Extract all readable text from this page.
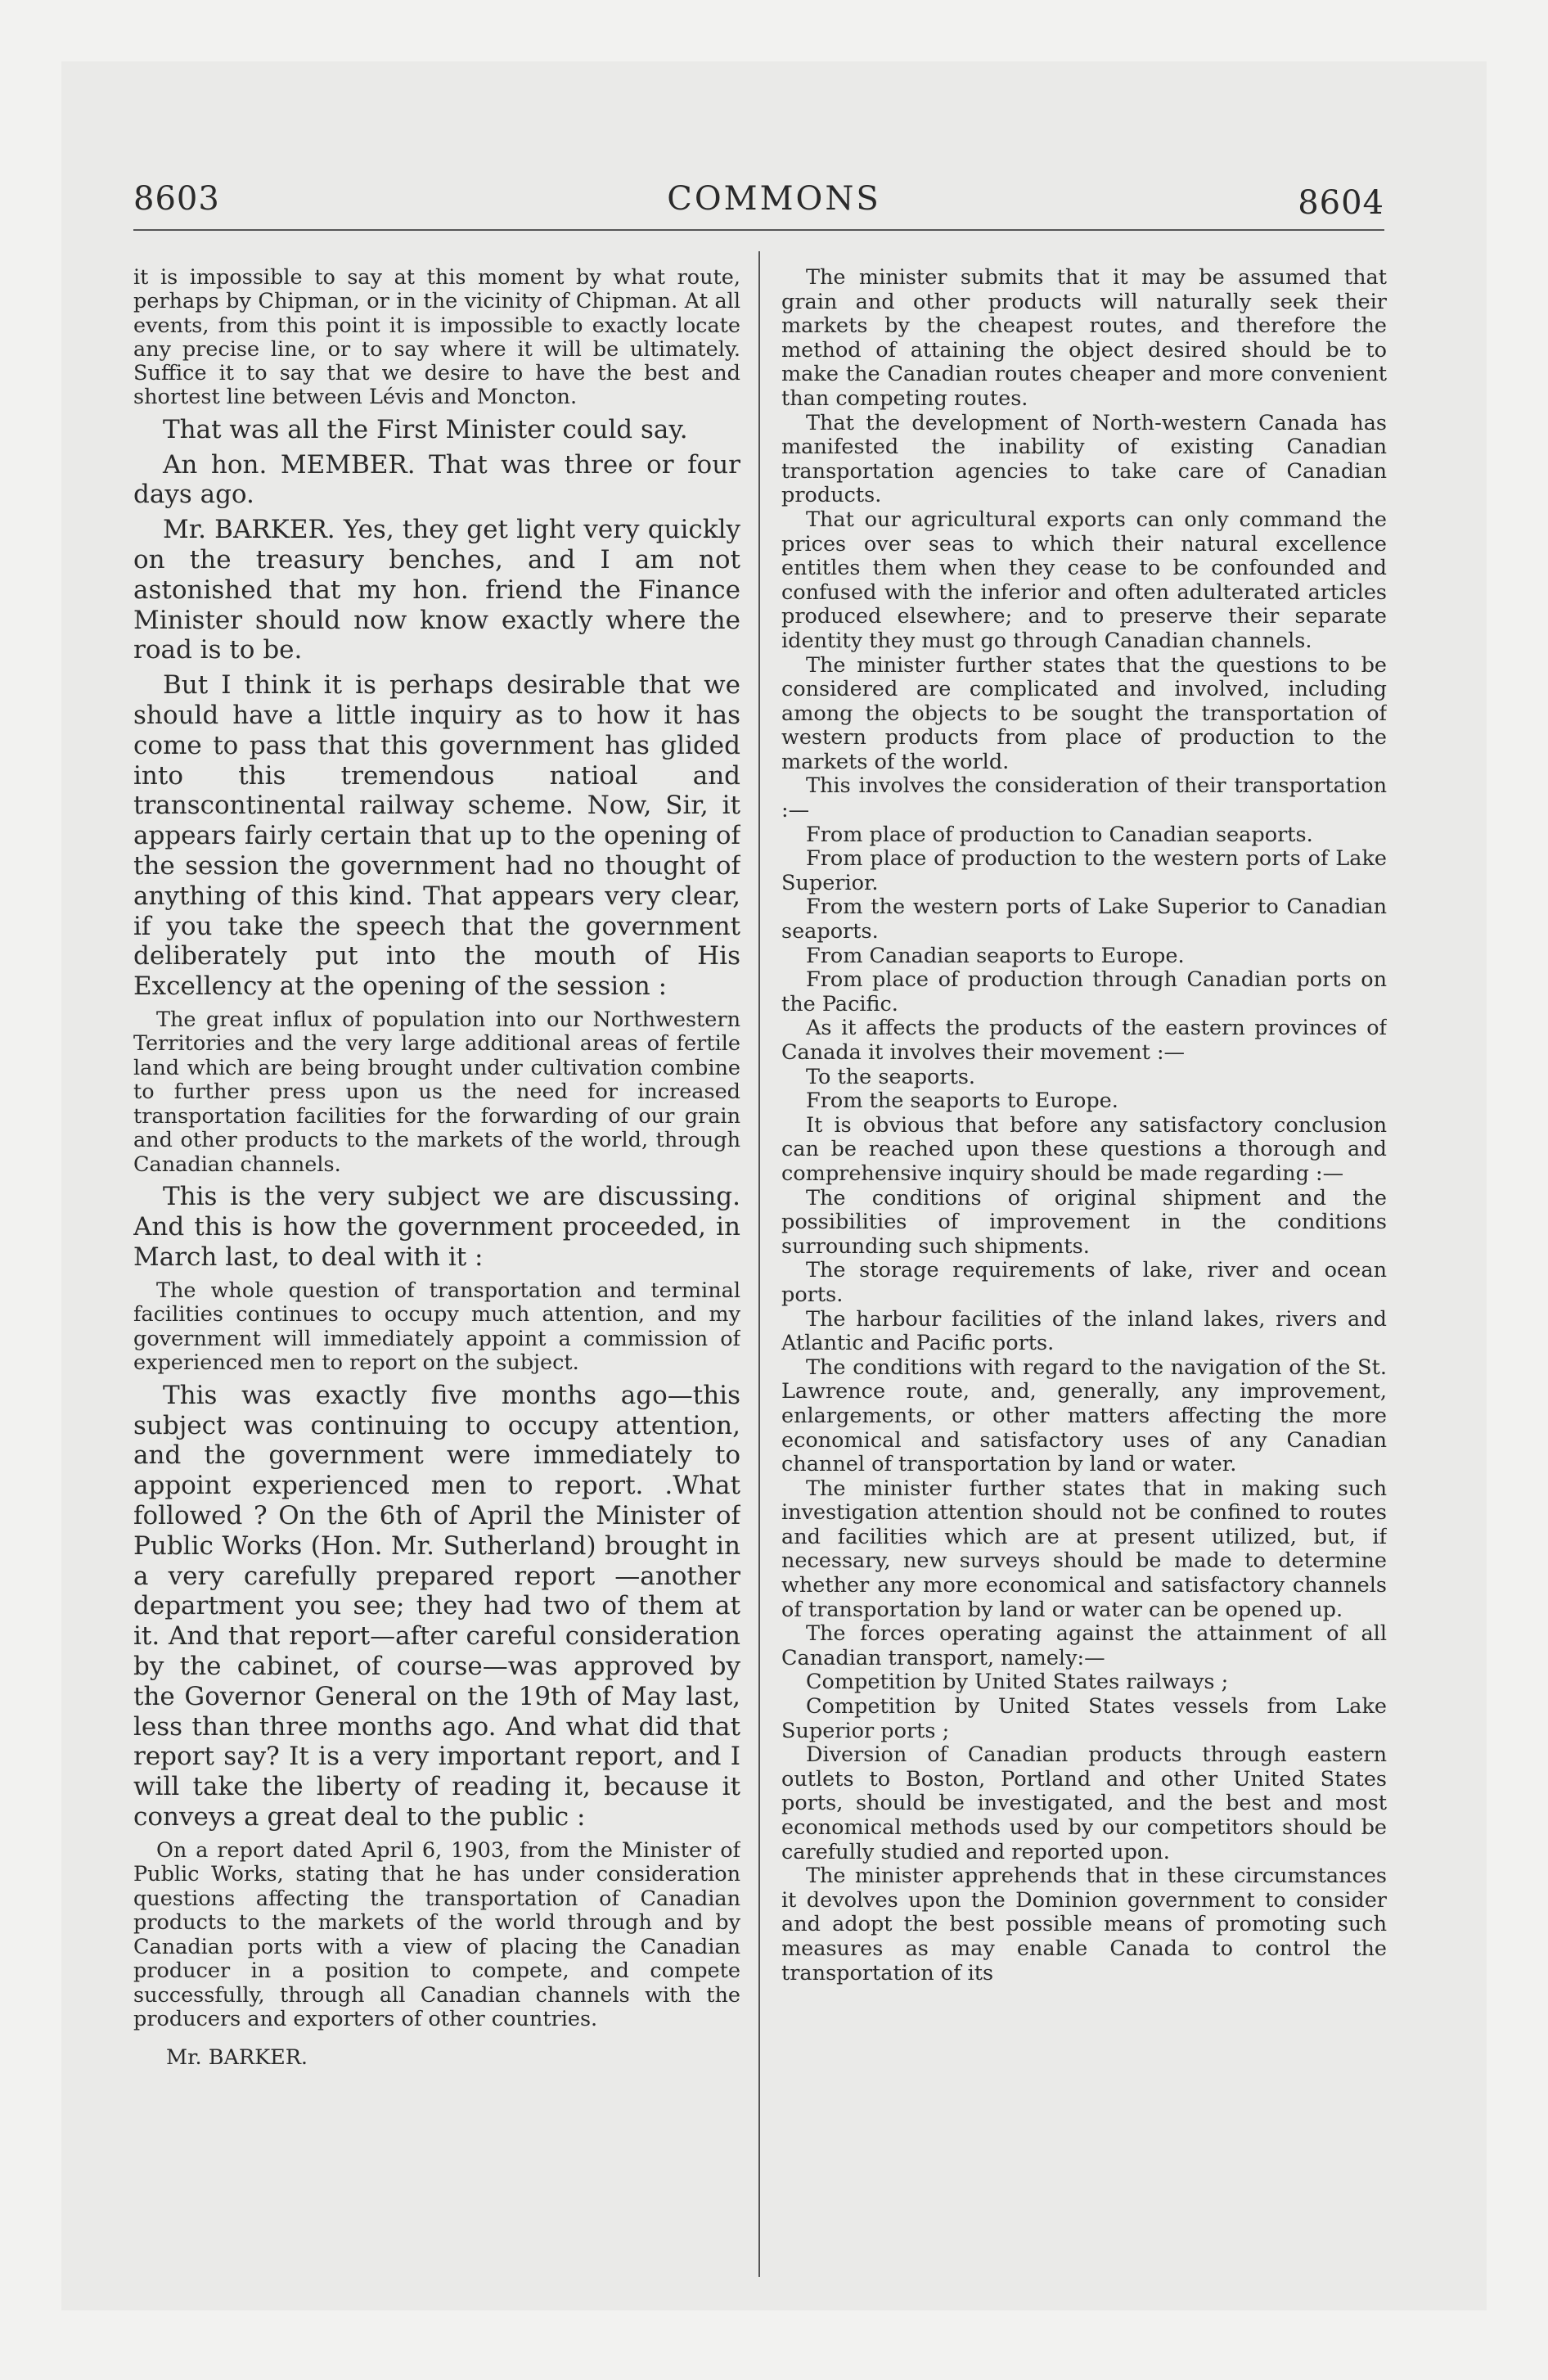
8603	COMMONS	8604

it is impossible to say at this moment by what route, perhaps by Chipman, or in the vicinity of Chipman. At all events, from this point it is impossible to exactly locate any precise line, or to say where it will be ultimately. Suffice it to say that we desire to have the best and shortest line between Lévis and Moncton.

That was all the First Minister could say.

An hon. MEMBER. That was three or four days ago.

Mr. BARKER. Yes, they get light very quickly on the treasury benches, and I am not astonished that my hon. friend the Finance Minister should now know exactly where the road is to be.

But I think it is perhaps desirable that we should have a little inquiry as to how it has come to pass that this government has glided into this tremendous natioal and transcontinental railway scheme. Now, Sir, it appears fairly certain that up to the opening of the session the government had no thought of anything of this kind. That appears very clear, if you take the speech that the government deliberately put into the mouth of His Excellency at the opening of the session :

The great influx of population into our Northwestern Territories and the very large additional areas of fertile land which are being brought under cultivation combine to further press upon us the need for increased transportation facilities for the forwarding of our grain and other products to the markets of the world, through Canadian channels.

This is the very subject we are discussing. And this is how the government proceeded, in March last, to deal with it :

The whole question of transportation and terminal facilities continues to occupy much attention, and my government will immediately appoint a commission of experienced men to report on the subject.

This was exactly five months ago—this subject was continuing to occupy attention, and the government were immediately to appoint experienced men to report. .What followed ? On the 6th of April the Minister of Public Works (Hon. Mr. Sutherland) brought in a very carefully prepared report —another department you see; they had two of them at it. And that report—after careful consideration by the cabinet, of course—was approved by the Governor General on the 19th of May last, less than three months ago. And what did that report say? It is a very important report, and I will take the liberty of reading it, because it conveys a great deal to the public :

On a report dated April 6, 1903, from the Minister of Public Works, stating that he has under consideration questions affecting the transportation of Canadian products to the markets of the world through and by Canadian ports with a view of placing the Canadian producer in a position to compete, and compete successfully, through all Canadian channels with the producers and exporters of other countries.

Mr. BARKER.

The minister submits that it may be assumed that grain and other products will naturally seek their markets by the cheapest routes, and therefore the method of attaining the object desired should be to make the Canadian routes cheaper and more convenient than competing routes.

That the development of North-western Canada has manifested the inability of existing Canadian transportation agencies to take care of Canadian products.

That our agricultural exports can only command the prices over seas to which their natural excellence entitles them when they cease to be confounded and confused with the inferior and often adulterated articles produced elsewhere; and to preserve their separate identity they must go through Canadian channels.

The minister further states that the questions to be considered are complicated and involved, including among the objects to be sought the transportation of western products from place of production to the markets of the world.

This involves the consideration of their transportation :—

From place of production to Canadian seaports.

From place of production to the western ports of Lake Superior.

From the western ports of Lake Superior to Canadian seaports.

From Canadian seaports to Europe.

From place of production through Canadian ports on the Pacific.

As it affects the products of the eastern provinces of Canada it involves their movement :—

To the seaports.

From the seaports to Europe.

It is obvious that before any satisfactory conclusion can be reached upon these questions a thorough and comprehensive inquiry should be made regarding :—

The conditions of original shipment and the possibilities of improvement in the conditions surrounding such shipments.

The storage requirements of lake, river and ocean ports.

The harbour facilities of the inland lakes, rivers and Atlantic and Pacific ports.

The conditions with regard to the navigation of the St. Lawrence route, and, generally, any improvement, enlargements, or other matters affecting the more economical and satisfactory uses of any Canadian channel of transportation by land or water.

The minister further states that in making such investigation attention should not be confined to routes and facilities which are at present utilized, but, if necessary, new surveys should be made to determine whether any more economical and satisfactory channels of transportation by land or water can be opened up.

The forces operating against the attainment of all Canadian transport, namely:—

Competition by United States railways ;

Competition by United States vessels from Lake Superior ports ;

Diversion of Canadian products through eastern outlets to Boston, Portland and other United States ports, should be investigated, and the best and most economical methods used by our competitors should be carefully studied and reported upon.

The minister apprehends that in these circumstances it devolves upon the Dominion government to consider and adopt the best possible means of promoting such measures as may enable Canada to control the transportation of its
